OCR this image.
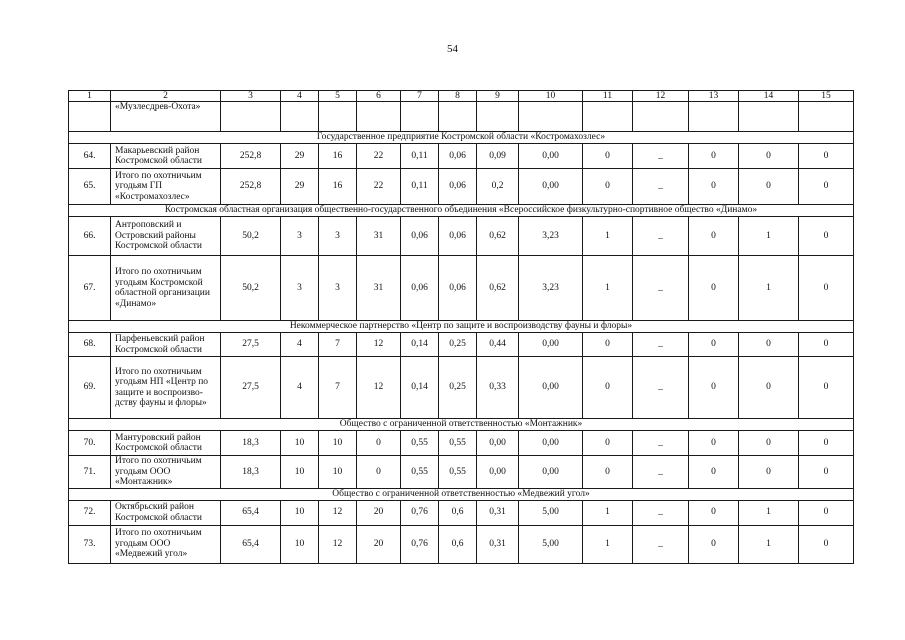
54
1	2	3	4	5	6	7	8	9	10	11	12	13	14	15
	«Музлесдрев-Охота»													
Государственное предприятие Костромской области «Костромахозлес»														
64.	Макарьевский район Костромской области	252,8	29	16	22	0,11	0,06	0,09	0,00	0	_	0	0	0
65.	Итого по охотничьим угодьям ГП «Костромахозлес»	252,8	29	16	22	0,11	0,06	0,2	0,00	0	_	0	0	0
Костромская областная организация общественно-государственного объединения «Всероссийское физкультурно-спортивное общество «Динамо»														
66.	Антроповский и Островский районы Костромской области	50,2	3	3	31	0,06	0,06	0,62	3,23	1	_	0	1	0
67.	Итого по охотничьим угодьям Костромской областной организации «Динамо»	50,2	3	3	31	0,06	0,06	0,62	3,23	1	_	0	1	0
Некоммерческое партнерство «Центр по защите и воспроизводству фауны и флоры»														
68.	Парфеньевский район Костромской области	27,5	4	7	12	0,14	0,25	0,44	0,00	0	_	0	0	0
69.	Итого по охотничьим угодьям НП «Центр по защите и воспроизво-дству фауны и флоры»	27,5	4	7	12	0,14	0,25	0,33	0,00	0	_	0	0	0
Общество с ограниченной ответственностью «Монтажник»														
70.	Мантуровский район Костромской области	18,3	10	10	0	0,55	0,55	0,00	0,00	0	_	0	0	0
71.	Итого по охотничьим угодьям ООО «Монтажник»	18,3	10	10	0	0,55	0,55	0,00	0,00	0	_	0	0	0
Общество с ограниченной ответственностью «Медвежий угол»														
72.	Октябрьский район Костромской области	65,4	10	12	20	0,76	0,6	0,31	5,00	1	_	0	1	0
73.	Итого по охотничьим угодьям ООО «Медвежий угол»	65,4	10	12	20	0,76	0,6	0,31	5,00	1	_	0	1	0
